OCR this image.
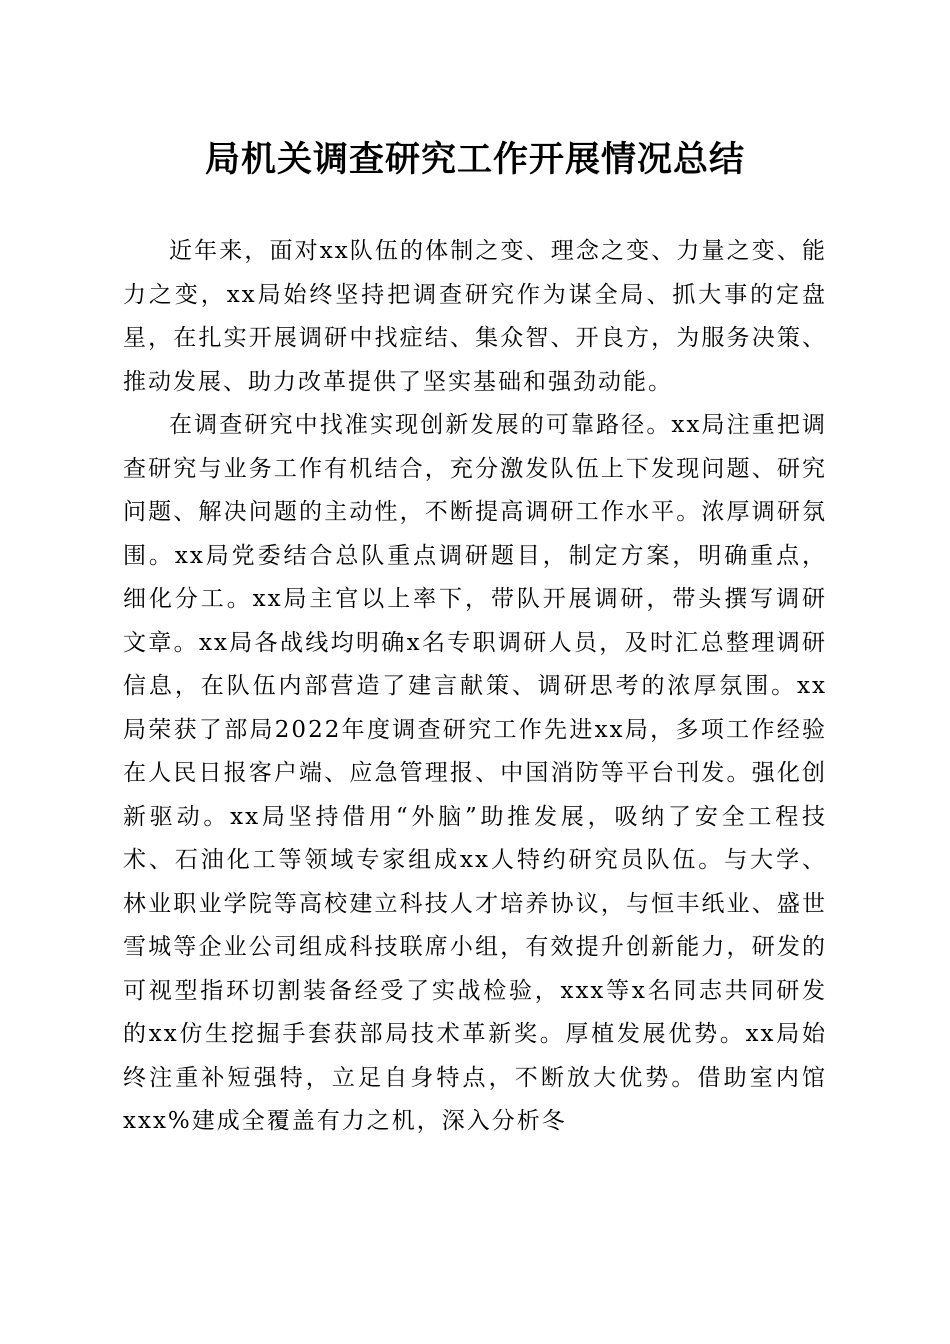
局机关调查研究工作开展情况总结

近年来，面对xx队伍的体制之变、理念之变、力量之变、能力之变，xx局始终坚持把调查研究作为谋全局、抓大事的定盘星，在扎实开展调研中找症结、集众智、开良方，为服务决策、推动发展、助力改革提供了坚实基础和强劲动能。

在调查研究中找准实现创新发展的可靠路径。xx局注重把调查研究与业务工作有机结合，充分激发队伍上下发现问题、研究问题、解决问题的主动性，不断提高调研工作水平。浓厚调研氛围。xx局党委结合总队重点调研题目，制定方案，明确重点，细化分工。xx局主官以上率下，带队开展调研，带头撰写调研文章。xx局各战线均明确x名专职调研人员，及时汇总整理调研信息，在队伍内部营造了建言献策、调研思考的浓厚氛围。xx局荣获了部局2022年度调查研究工作先进xx局，多项工作经验在人民日报客户端、应急管理报、中国消防等平台刊发。强化创新驱动。xx局坚持借用“外脑”助推发展，吸纳了安全工程技术、石油化工等领域专家组成xx人特约研究员队伍。与大学、林业职业学院等高校建立科技人才培养协议，与恒丰纸业、盛世雪城等企业公司组成科技联席小组，有效提升创新能力，研发的可视型指环切割装备经受了实战检验，xxx等x名同志共同研发的xx仿生挖掘手套获部局技术革新奖。厚植发展优势。xx局始终注重补短强特，立足自身特点，不断放大优势。借助室内馆xxx%建成全覆盖有力之机，深入分析冬
